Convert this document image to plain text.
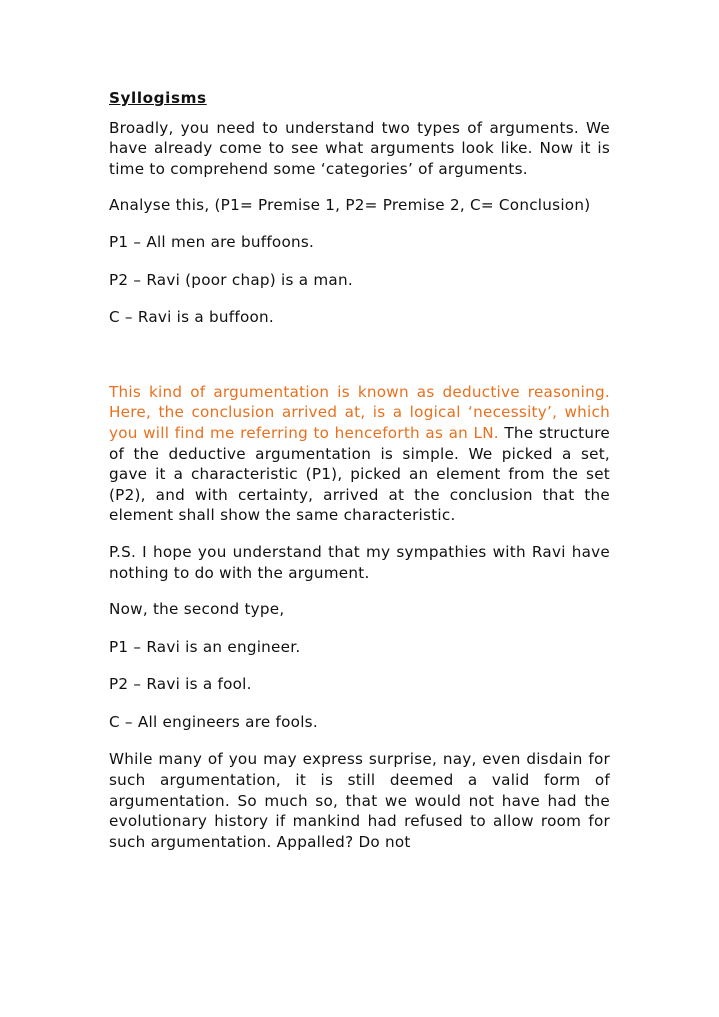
Syllogisms

Broadly, you need to understand two types of arguments. We have already come to see what arguments look like. Now it is time to comprehend some ‘categories’ of arguments.

Analyse this, (P1= Premise 1, P2= Premise 2, C= Conclusion)

P1 – All men are buffoons.

P2 – Ravi (poor chap) is a man.

C – Ravi is a buffoon.

This kind of argumentation is known as deductive reasoning. Here, the conclusion arrived at, is a logical ‘necessity’, which you will find me referring to henceforth as an LN. The structure of the deductive argumentation is simple. We picked a set, gave it a characteristic (P1), picked an element from the set (P2), and with certainty, arrived at the conclusion that the element shall show the same characteristic.

P.S. I hope you understand that my sympathies with Ravi have nothing to do with the argument.

Now, the second type,

P1 – Ravi is an engineer.

P2 – Ravi is a fool.

C – All engineers are fools.

While many of you may express surprise, nay, even disdain for such argumentation, it is still deemed a valid form of argumentation. So much so, that we would not have had the evolutionary history if mankind had refused to allow room for such argumentation. Appalled? Do not
